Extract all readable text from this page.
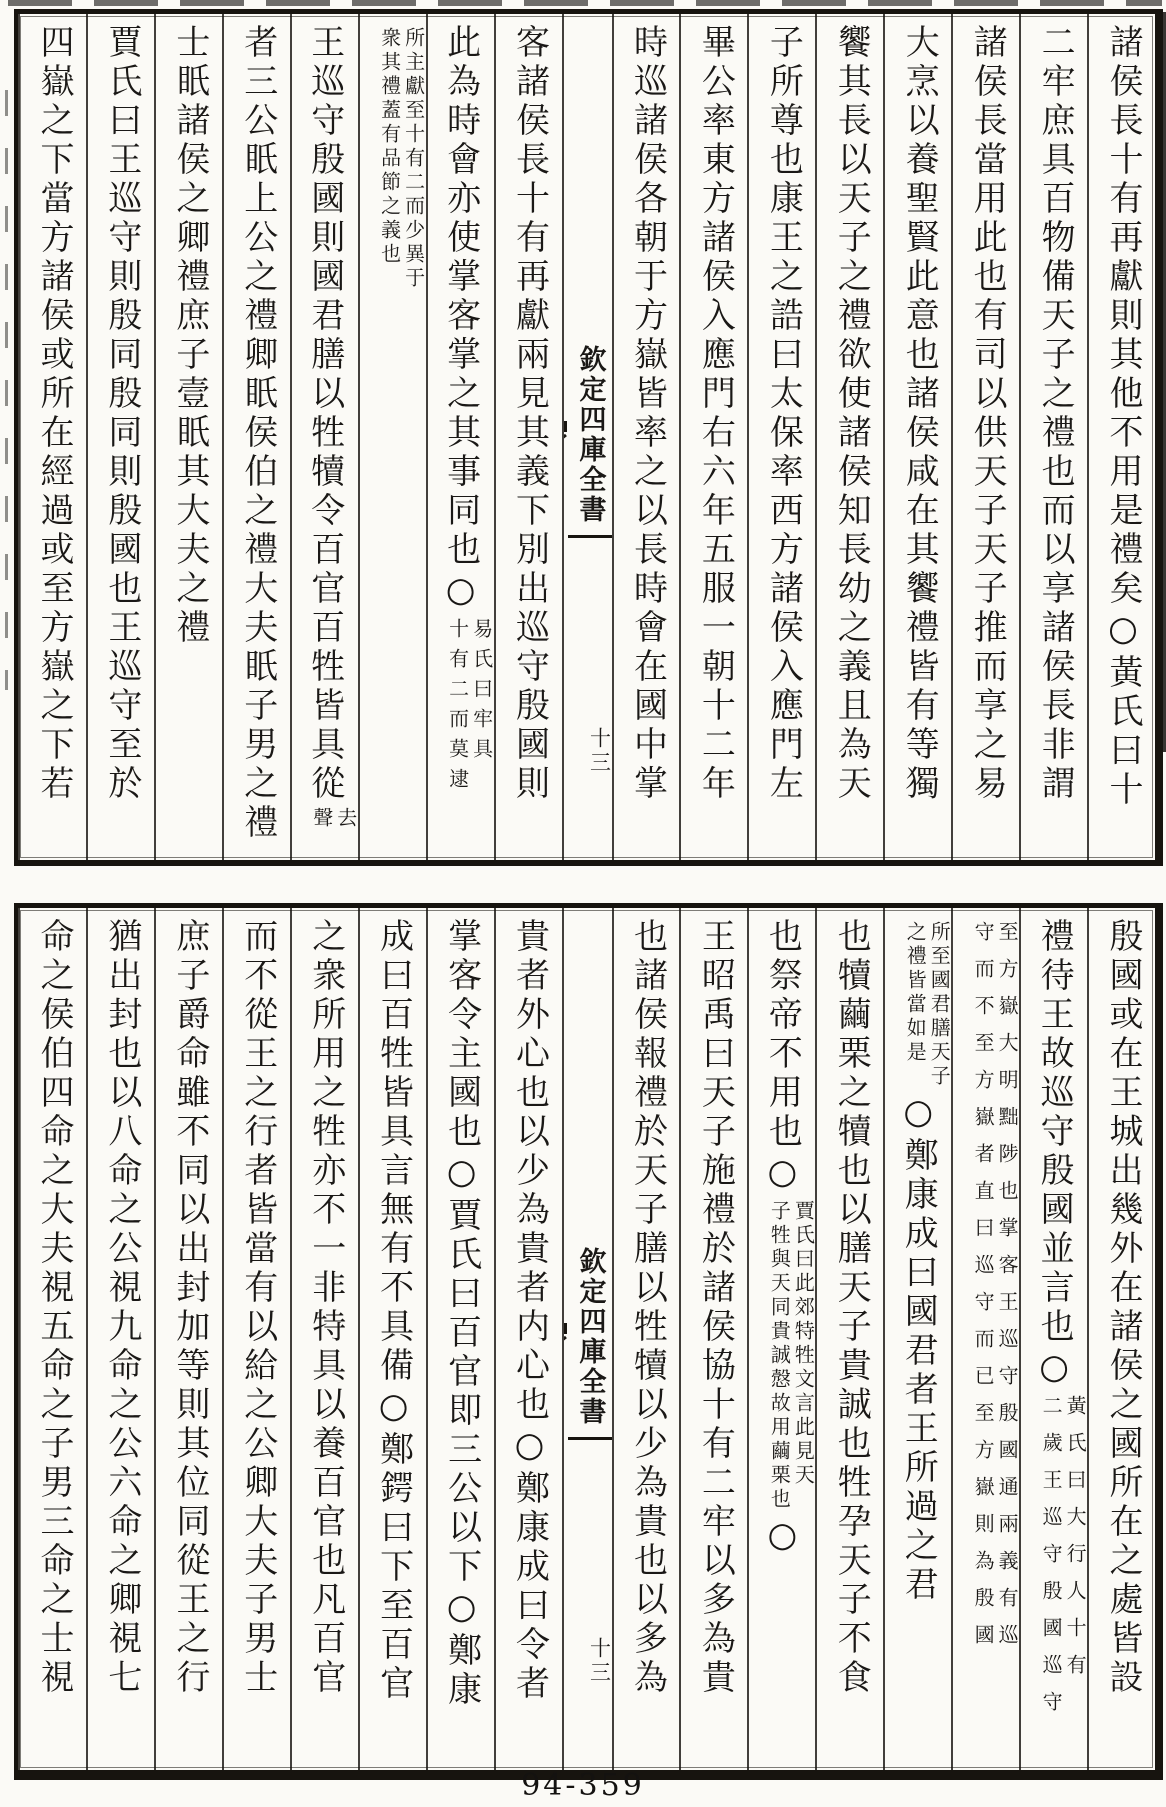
諸侯長十有再獻則其他不用是禮矣○黃氏曰十
二牢庶具百物備天子之禮也而以享諸侯長非謂
諸侯長當用此也有司以供天子天子推而享之易
大烹以養聖賢此意也諸侯咸在其饗禮皆有等獨
饗其長以天子之禮欲使諸侯知長幼之義且為天
子所尊也康王之誥曰太保率西方諸侯入應門左
畢公率東方諸侯入應門右六年五服一朝十二年
時巡諸侯各朝于方嶽皆率之以長時會在國中掌
欽定四庫全書

十三
客諸侯長十有再獻兩見其義下別出巡守殷國則
此為時會亦使掌客掌之其事同也○易氏曰牢具
十有二而莫逮
所主獻至十有二而少異于
衆其禮蓋有品節之義也
王巡守殷國則國君膳以牲犢令百官百牲皆具從去
聲
者三公眂上公之禮卿眂侯伯之禮大夫眂子男之禮
士眂諸侯之卿禮庶子壹眂其大夫之禮
賈氏曰王巡守則殷同殷同則殷國也王巡守至於
四嶽之下當方諸侯或所在經過或至方嶽之下若
殷國或在王城出幾外在諸侯之國所在之處皆設
禮待王故巡守殷國並言也○黃氏曰大行人十有
二歲王巡守殷國巡守
至方嶽大明黜陟也掌客王巡守殷國通兩義有巡
守而不至方嶽者直曰巡守而已至方嶽則為殷國
所至國君膳天子
之禮皆當如是○鄭康成曰國君者王所過之君
也犢繭栗之犢也以膳天子貴誠也牲孕天子不食
也祭帝不用也○賈氏曰此郊特牲文言此見天
子牲與天同貴誠慤故用繭栗也○
王昭禹曰天子施禮於諸侯協十有二牢以多為貴
也諸侯報禮於天子膳以牲犢以少為貴也以多為
欽定四庫全書

十三
貴者外心也以少為貴者内心也○鄭康成曰令者
掌客令主國也○賈氏曰百官即三公以下○鄭康
成曰百牲皆具言無有不具備○鄭鍔曰下至百官
之衆所用之牲亦不一非特具以養百官也凡百官
而不從王之行者皆當有以給之公卿大夫子男士
庶子爵命雖不同以出封加等則其位同從王之行
猶出封也以八命之公視九命之公六命之卿視七
命之侯伯四命之大夫視五命之子男三命之士視
94-359
